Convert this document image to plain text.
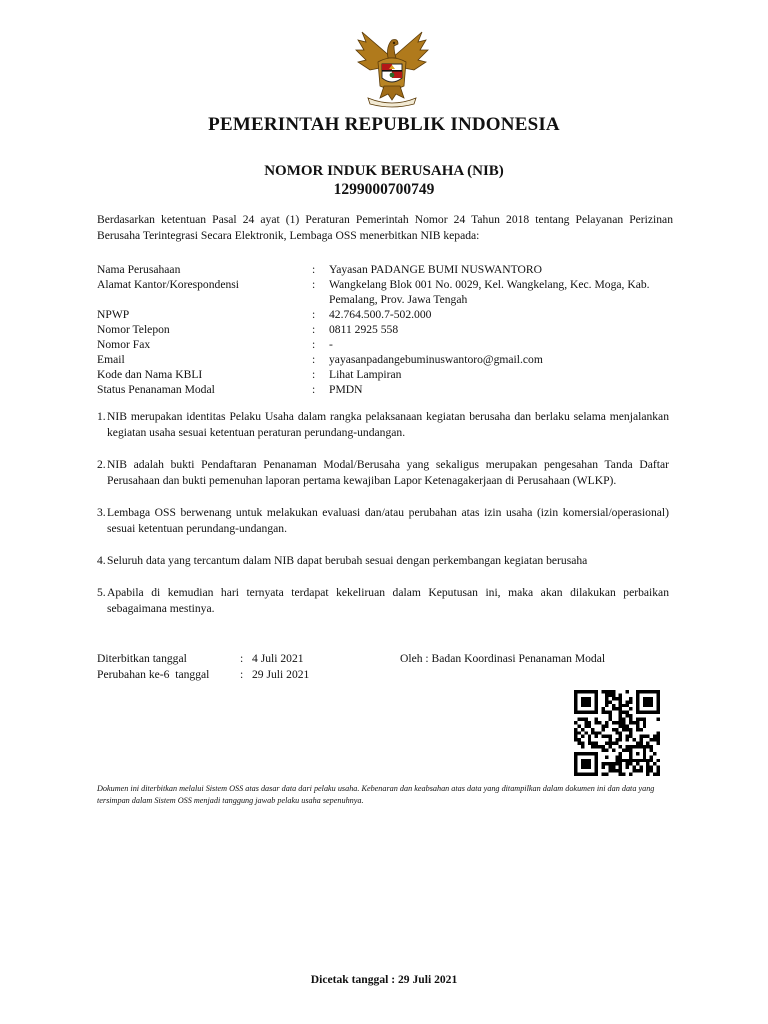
PEMERINTAH REPUBLIK INDONESIA
NOMOR INDUK BERUSAHA (NIB)
1299000700749
Berdasarkan ketentuan Pasal 24 ayat (1) Peraturan Pemerintah Nomor 24 Tahun 2018 tentang Pelayanan Perizinan Berusaha Terintegrasi Secara Elektronik, Lembaga OSS menerbitkan NIB kepada:
Nama Perusahaan	:	Yayasan PADANGE BUMI NUSWANTORO
Alamat Kantor/Korespondensi	:	Wangkelang Blok 001 No. 0029, Kel. Wangkelang, Kec. Moga, Kab. Pemalang, Prov. Jawa Tengah
NPWP	:	42.764.500.7-502.000
Nomor Telepon	:	0811 2925 558
Nomor Fax	:	-
Email	:	yayasanpadangebuminuswantoro@gmail.com
Kode dan Nama KBLI	:	Lihat Lampiran
Status Penanaman Modal	:	PMDN
1. NIB merupakan identitas Pelaku Usaha dalam rangka pelaksanaan kegiatan berusaha dan berlaku selama menjalankan kegiatan usaha sesuai ketentuan peraturan perundang-undangan.
2. NIB adalah bukti Pendaftaran Penanaman Modal/Berusaha yang sekaligus merupakan pengesahan Tanda Daftar Perusahaan dan bukti pemenuhan laporan pertama kewajiban Lapor Ketenagakerjaan di Perusahaan (WLKP).
3. Lembaga OSS berwenang untuk melakukan evaluasi dan/atau perubahan atas izin usaha (izin komersial/operasional) sesuai ketentuan perundang-undangan.
4. Seluruh data yang tercantum dalam NIB dapat berubah sesuai dengan perkembangan kegiatan berusaha
5. Apabila di kemudian hari ternyata terdapat kekeliruan dalam Keputusan ini, maka akan dilakukan perbaikan sebagaimana mestinya.
Diterbitkan tanggal	:	4 Juli 2021
Perubahan ke-6  tanggal	:	29 Juli 2021
Oleh : Badan Koordinasi Penanaman Modal
Dokumen ini diterbitkan melalui Sistem OSS atas dasar data dari pelaku usaha. Kebenaran dan keabsahan atas data yang ditampilkan dalam dokumen ini dan data yang tersimpan dalam Sistem OSS menjadi tanggung jawab pelaku usaha sepenuhnya.
Dicetak tanggal : 29 Juli 2021
